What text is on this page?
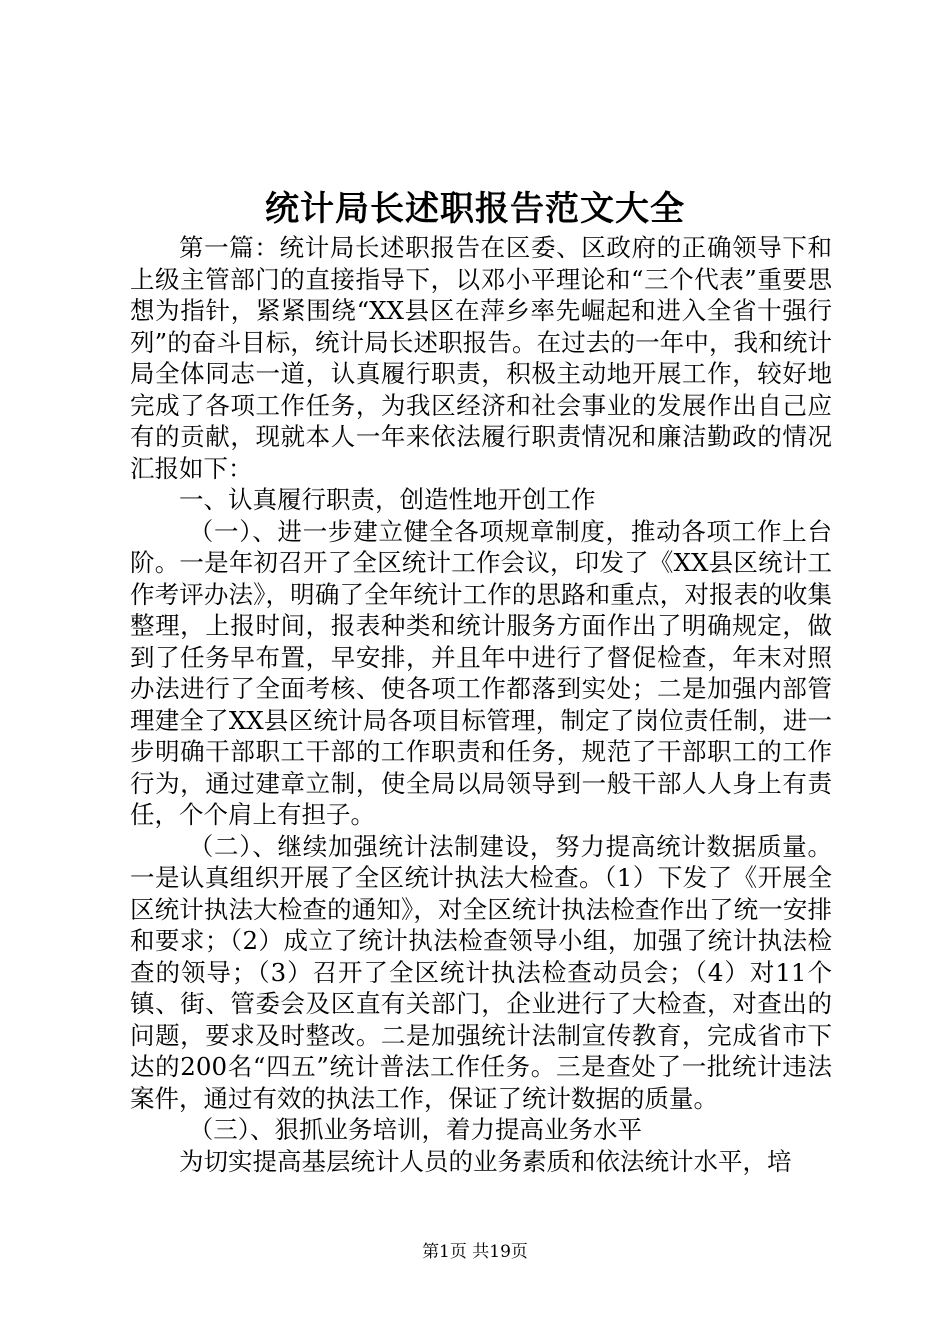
统计局长述职报告范文大全

第一篇：统计局长述职报告在区委、区政府的正确领导下和上级主管部门的直接指导下，以邓小平理论和“三个代表”重要思想为指针，紧紧围绕“XX县区在萍乡率先崛起和进入全省十强行列”的奋斗目标，统计局长述职报告。在过去的一年中，我和统计局全体同志一道，认真履行职责，积极主动地开展工作，较好地完成了各项工作任务，为我区经济和社会事业的发展作出自己应有的贡献，现就本人一年来依法履行职责情况和廉洁勤政的情况汇报如下：

一、认真履行职责，创造性地开创工作

（一）、进一步建立健全各项规章制度，推动各项工作上台阶。一是年初召开了全区统计工作会议，印发了《XX县区统计工作考评办法》，明确了全年统计工作的思路和重点，对报表的收集整理，上报时间，报表种类和统计服务方面作出了明确规定，做到了任务早布置，早安排，并且年中进行了督促检查，年末对照办法进行了全面考核、使各项工作都落到实处；二是加强内部管理建全了XX县区统计局各项目标管理，制定了岗位责任制，进一步明确干部职工干部的工作职责和任务，规范了干部职工的工作行为，通过建章立制，使全局以局领导到一般干部人人身上有责任，个个肩上有担子。

（二）、继续加强统计法制建设，努力提高统计数据质量。一是认真组织开展了全区统计执法大检查。（1）下发了《开展全区统计执法大检查的通知》，对全区统计执法检查作出了统一安排和要求；（2）成立了统计执法检查领导小组，加强了统计执法检查的领导；（3）召开了全区统计执法检查动员会；（4）对11个镇、街、管委会及区直有关部门，企业进行了大检查，对查出的问题，要求及时整改。二是加强统计法制宣传教育，完成省市下达的200名“四五”统计普法工作任务。三是查处了一批统计违法案件，通过有效的执法工作，保证了统计数据的质量。

（三）、狠抓业务培训，着力提高业务水平

为切实提高基层统计人员的业务素质和依法统计水平，培

第1页 共19页
